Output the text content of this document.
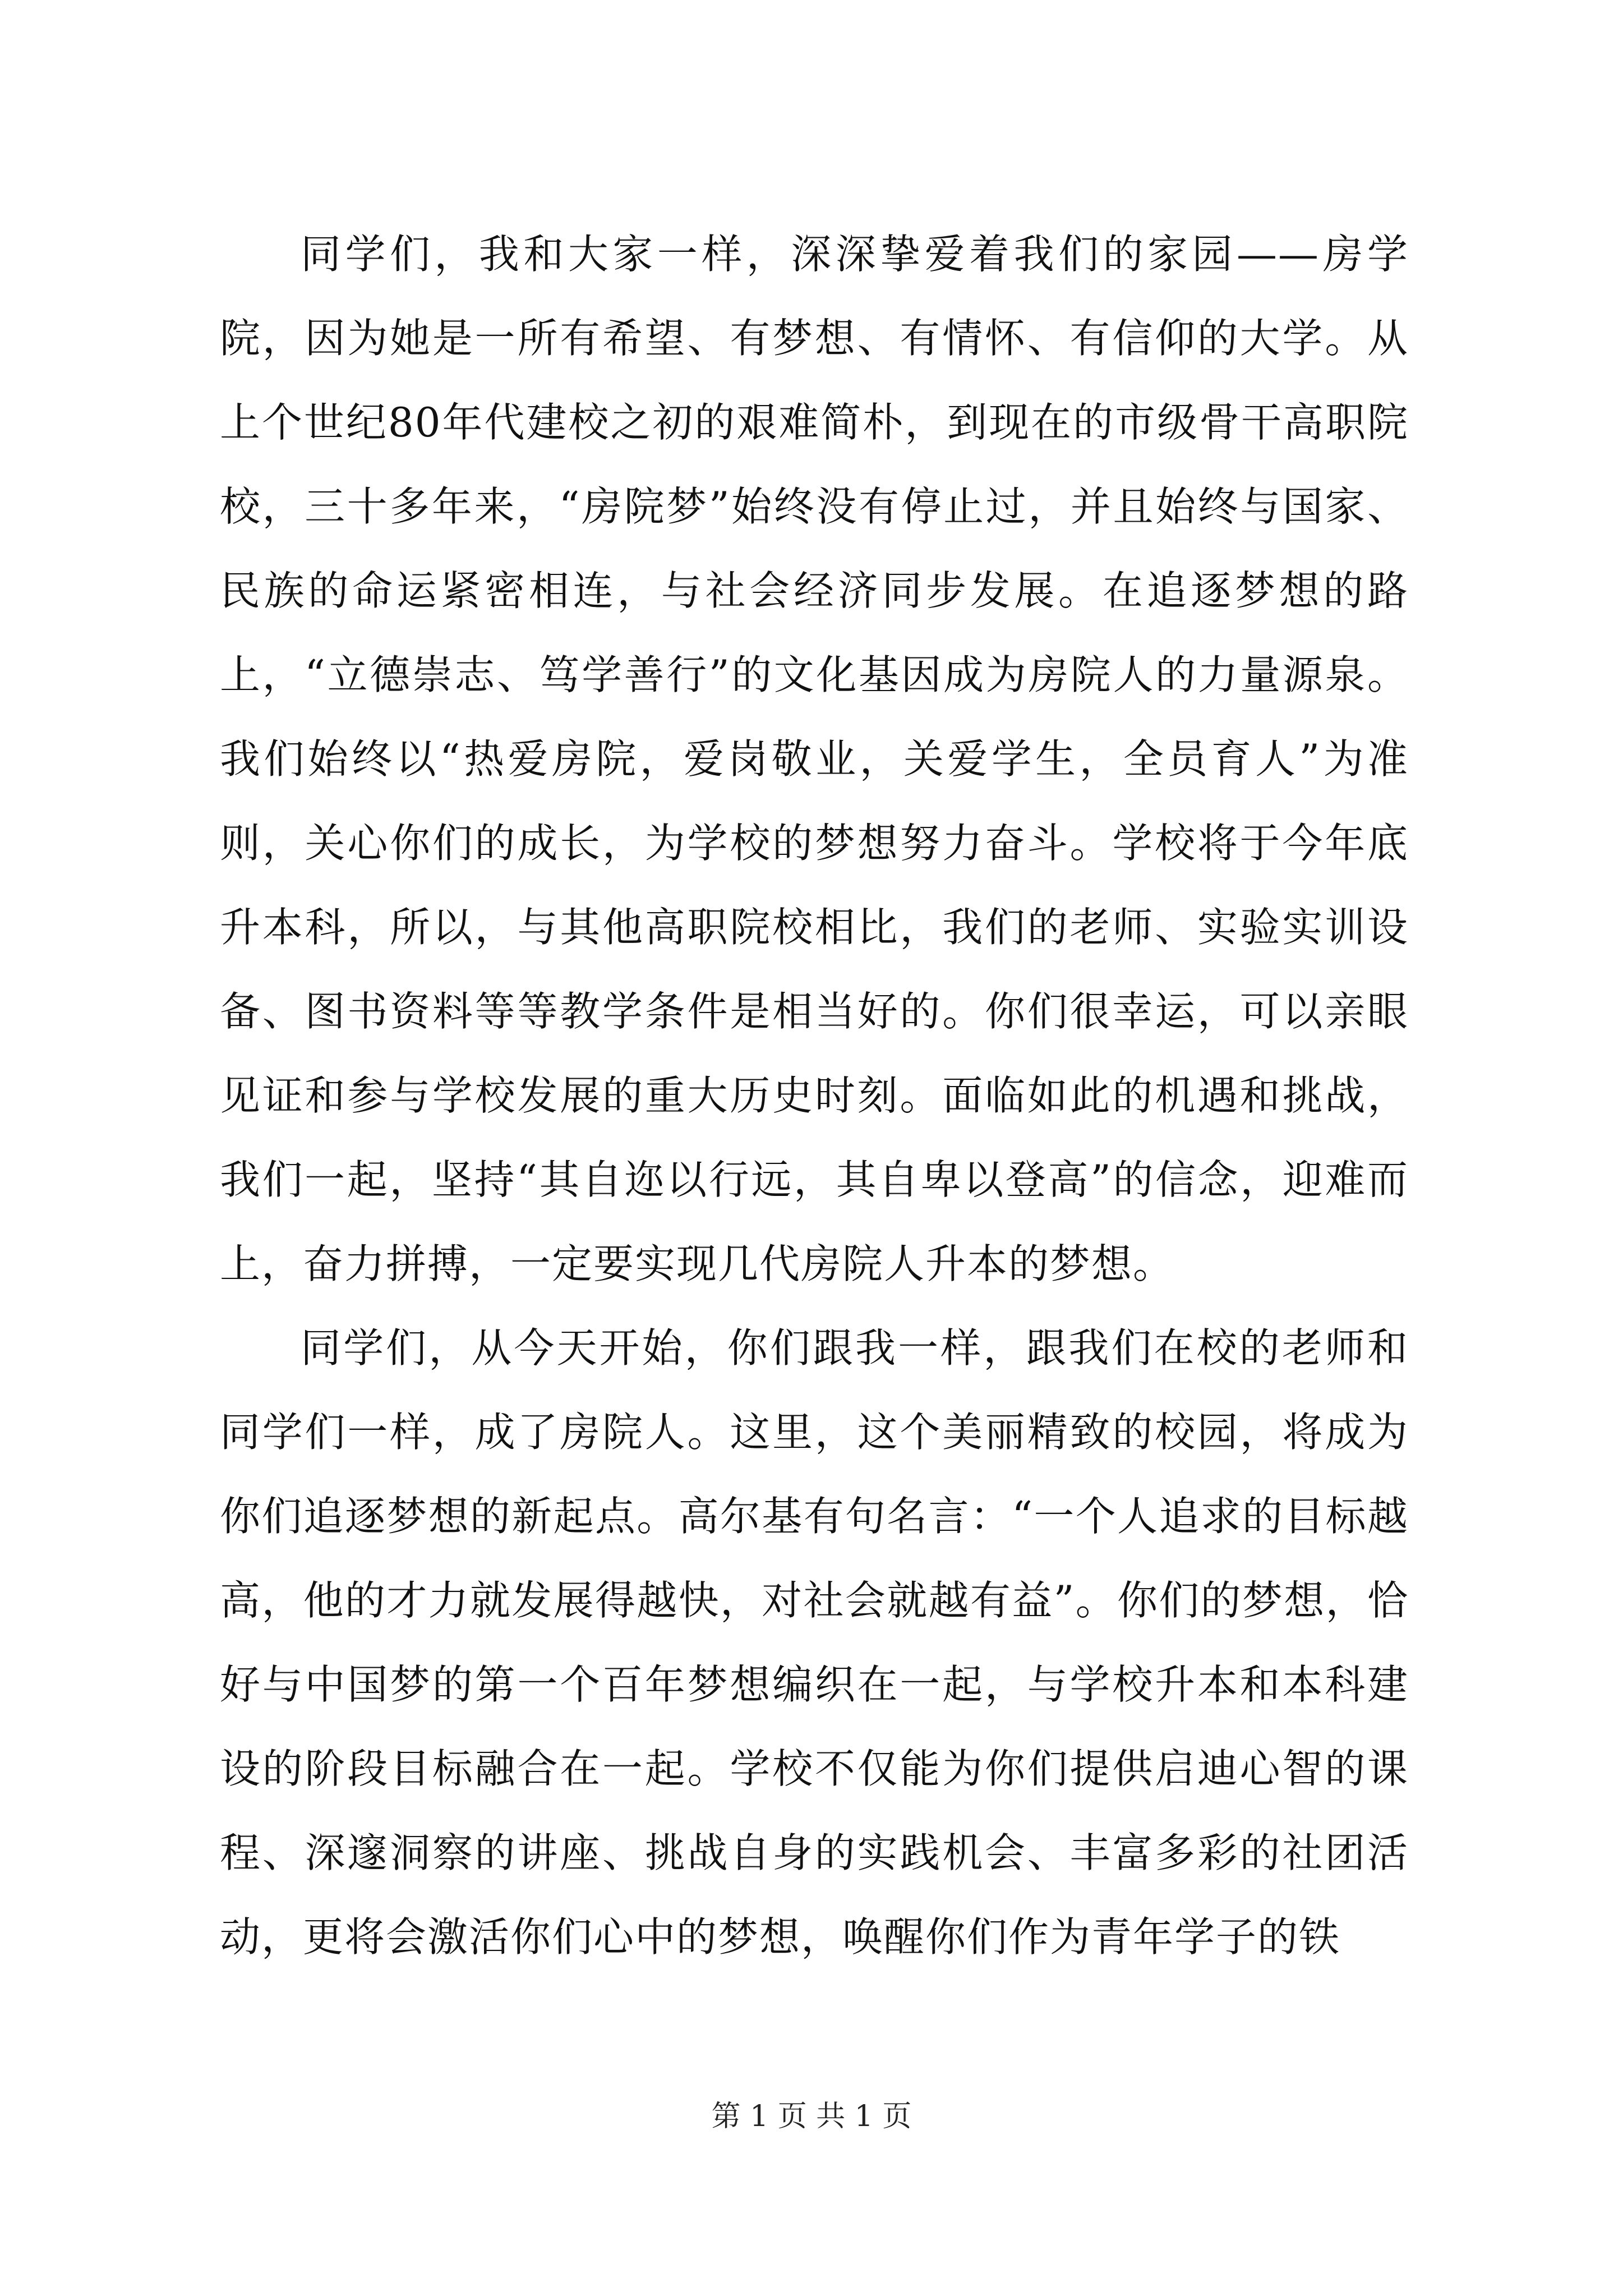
同学们，我和大家一样，深深挚爱着我们的家园——房学院，因为她是一所有希望、有梦想、有情怀、有信仰的大学。从上个世纪80年代建校之初的艰难简朴，到现在的市级骨干高职院校，三十多年来，“房院梦”始终没有停止过，并且始终与国家、民族的命运紧密相连，与社会经济同步发展。在追逐梦想的路上，“立德崇志、笃学善行”的文化基因成为房院人的力量源泉。我们始终以“热爱房院，爱岗敬业，关爱学生，全员育人”为准则，关心你们的成长，为学校的梦想努力奋斗。学校将于今年底升本科，所以，与其他高职院校相比，我们的老师、实验实训设备、图书资料等等教学条件是相当好的。你们很幸运，可以亲眼见证和参与学校发展的重大历史时刻。面临如此的机遇和挑战，我们一起，坚持“其自迩以行远，其自卑以登高”的信念，迎难而上，奋力拼搏，一定要实现几代房院人升本的梦想。

同学们，从今天开始，你们跟我一样，跟我们在校的老师和同学们一样，成了房院人。这里，这个美丽精致的校园，将成为你们追逐梦想的新起点。高尔基有句名言：“一个人追求的目标越高，他的才力就发展得越快，对社会就越有益”。你们的梦想，恰好与中国梦的第一个百年梦想编织在一起，与学校升本和本科建设的阶段目标融合在一起。学校不仅能为你们提供启迪心智的课程、深邃洞察的讲座、挑战自身的实践机会、丰富多彩的社团活动，更将会激活你们心中的梦想，唤醒你们作为青年学子的铁

第 1 页 共 1 页
